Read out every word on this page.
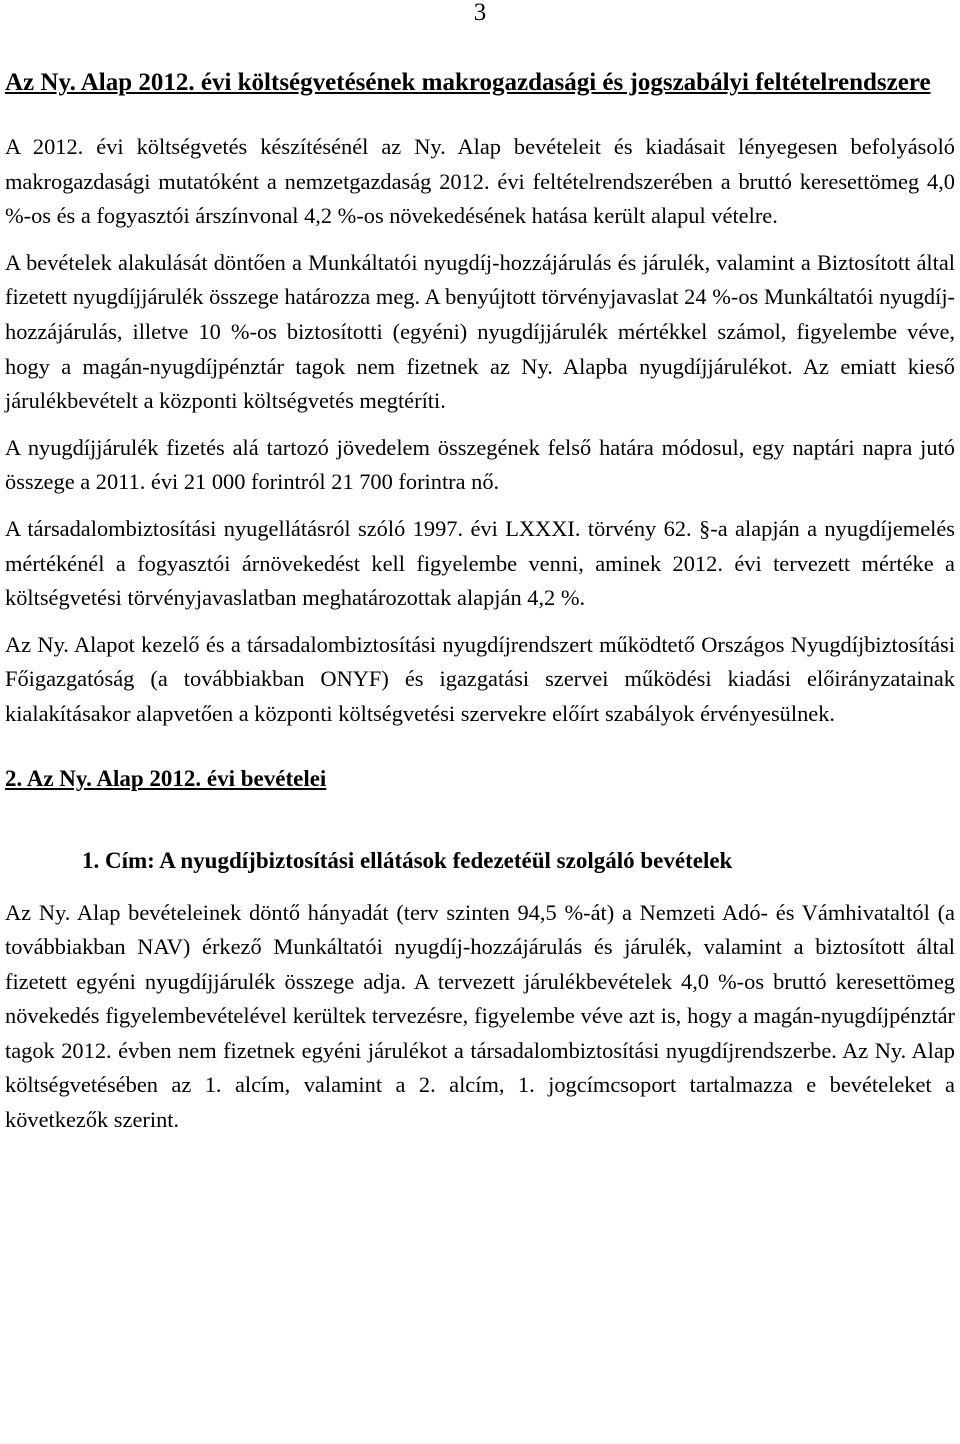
3

Az Ny. Alap 2012. évi költségvetésének makrogazdasági és jogszabályi feltételrendszere

A 2012. évi költségvetés készítésénél az Ny. Alap bevételeit és kiadásait lényegesen befolyásoló makrogazdasági mutatóként a nemzetgazdaság 2012. évi feltételrendszerében a bruttó keresettömeg 4,0 %-os és a fogyasztói árszínvonal 4,2 %-os növekedésének hatása került alapul vételre.

A bevételek alakulását döntően a Munkáltatói nyugdíj-hozzájárulás és járulék, valamint a Biztosított által fizetett nyugdíjjárulék összege határozza meg. A benyújtott törvényjavaslat 24 %-os Munkáltatói nyugdíj-hozzájárulás, illetve 10 %-os biztosítotti (egyéni) nyugdíjjárulék mértékkel számol, figyelembe véve, hogy a magán-nyugdíjpénztár tagok nem fizetnek az Ny. Alapba nyugdíjjárulékot. Az emiatt kieső járulékbevételt a központi költségvetés megtéríti.

A nyugdíjjárulék fizetés alá tartozó jövedelem összegének felső határa módosul, egy naptári napra jutó összege a 2011. évi 21 000 forintról 21 700 forintra nő.

A társadalombiztosítási nyugellátásról szóló 1997. évi LXXXI. törvény 62. §-a alapján a nyugdíjemelés mértékénél a fogyasztói árnövekedést kell figyelembe venni, aminek 2012. évi tervezett mértéke a költségvetési törvényjavaslatban meghatározottak alapján 4,2 %.

Az Ny. Alapot kezelő és a társadalombiztosítási nyugdíjrendszert működtető Országos Nyugdíjbiztosítási Főigazgatóság (a továbbiakban ONYF) és igazgatási szervei működési kiadási előirányzatainak kialakításakor alapvetően a központi költségvetési szervekre előírt szabályok érvényesülnek.

2. Az Ny. Alap 2012. évi bevételei

1. Cím: A nyugdíjbiztosítási ellátások fedezetéül szolgáló bevételek

Az Ny. Alap bevételeinek döntő hányadát (terv szinten 94,5 %-át) a Nemzeti Adó- és Vámhivataltól (a továbbiakban NAV) érkező Munkáltatói nyugdíj-hozzájárulás és járulék, valamint a biztosított által fizetett egyéni nyugdíjjárulék összege adja. A tervezett járulékbevételek 4,0 %-os bruttó keresettömeg növekedés figyelembevételével kerültek tervezésre, figyelembe véve azt is, hogy a magán-nyugdíjpénztár tagok 2012. évben nem fizetnek egyéni járulékot a társadalombiztosítási nyugdíjrendszerbe. Az Ny. Alap költségvetésében az 1. alcím, valamint a 2. alcím, 1. jogcímcsoport tartalmazza e bevételeket a következők szerint.
